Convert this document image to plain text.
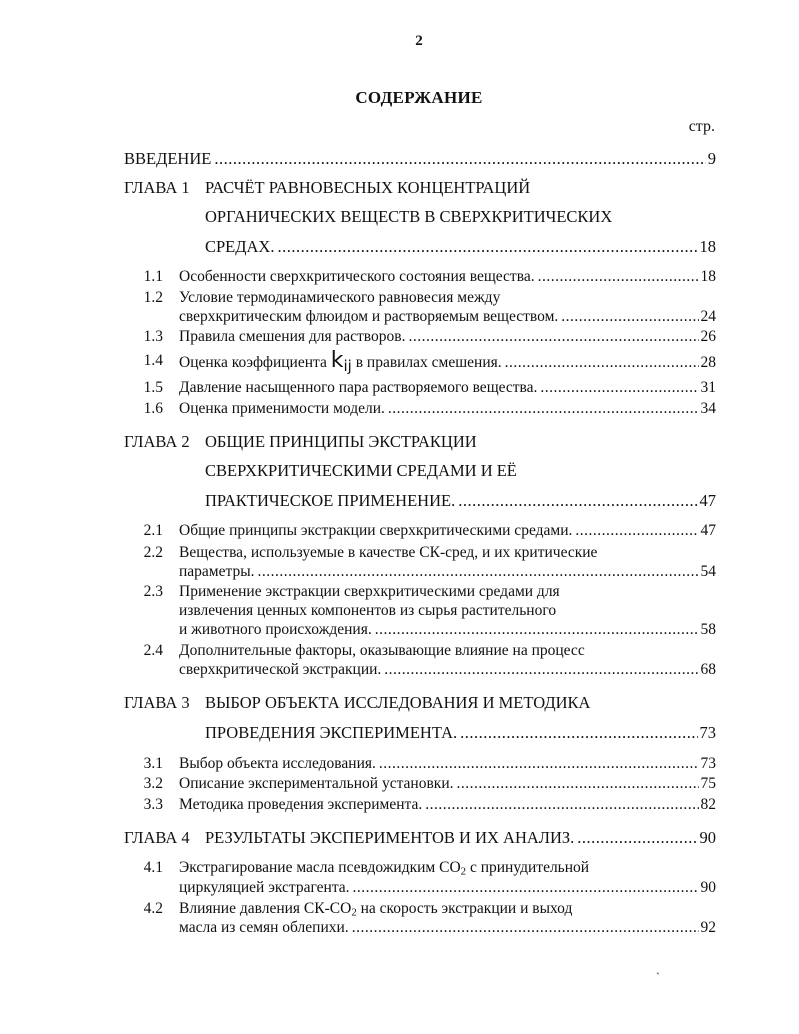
2
СОДЕРЖАНИЕ
стр.
ВВЕДЕНИЕ .....	9
ГЛАВА 1 РАСЧЁТ РАВНОВЕСНЫХ КОНЦЕНТРАЦИЙ
ОРГАНИЧЕСКИХ ВЕЩЕСТВ В СВЕРХКРИТИЧЕСКИХ
СРЕДАХ. .....	18
1.1 Особенности сверхкритического состояния вещества. .....	18
1.2 Условие термодинамического равновесия между
сверхкритическим флюидом и растворяемым веществом. .....	24
1.3 Правила смешения для растворов. .....	26
1.4 Оценка коэффициента $k_{ij}$ в правилах смешения. .....	28
1.5 Давление насыщенного пара растворяемого вещества. .....	31
1.6 Оценка применимости модели. .....	34
ГЛАВА 2 ОБЩИЕ ПРИНЦИПЫ ЭКСТРАКЦИИ
СВЕРХКРИТИЧЕСКИМИ СРЕДАМИ И ЕЁ
ПРАКТИЧЕСКОЕ ПРИМЕНЕНИЕ. .....	47
2.1 Общие принципы экстракции сверхкритическими средами. .....	47
2.2 Вещества, используемые в качестве СК-сред, и их критические
параметры. .....	54
2.3 Применение экстракции сверхкритическими средами для
извлечения ценных компонентов из сырья растительного
и животного происхождения. .....	58
2.4 Дополнительные факторы, оказывающие влияние на процесс
сверхкритической экстракции. .....	68
ГЛАВА 3 ВЫБОР ОБЪЕКТА ИССЛЕДОВАНИЯ И МЕТОДИКА
ПРОВЕДЕНИЯ ЭКСПЕРИМЕНТА. .....	73
3.1 Выбор объекта исследования. .....	73
3.2 Описание экспериментальной установки. .....	75
3.3 Методика проведения эксперимента. .....	82
ГЛАВА 4 РЕЗУЛЬТАТЫ ЭКСПЕРИМЕНТОВ И ИХ АНАЛИЗ. .....	90
4.1 Экстрагирование масла псевдожидким $СО_2$ с принудительной
циркуляцией экстрагента. .....	90
4.2 Влияние давления $СК-СО_2$ на скорость экстракции и выход
масла из семян облепихи. .....	92
`
